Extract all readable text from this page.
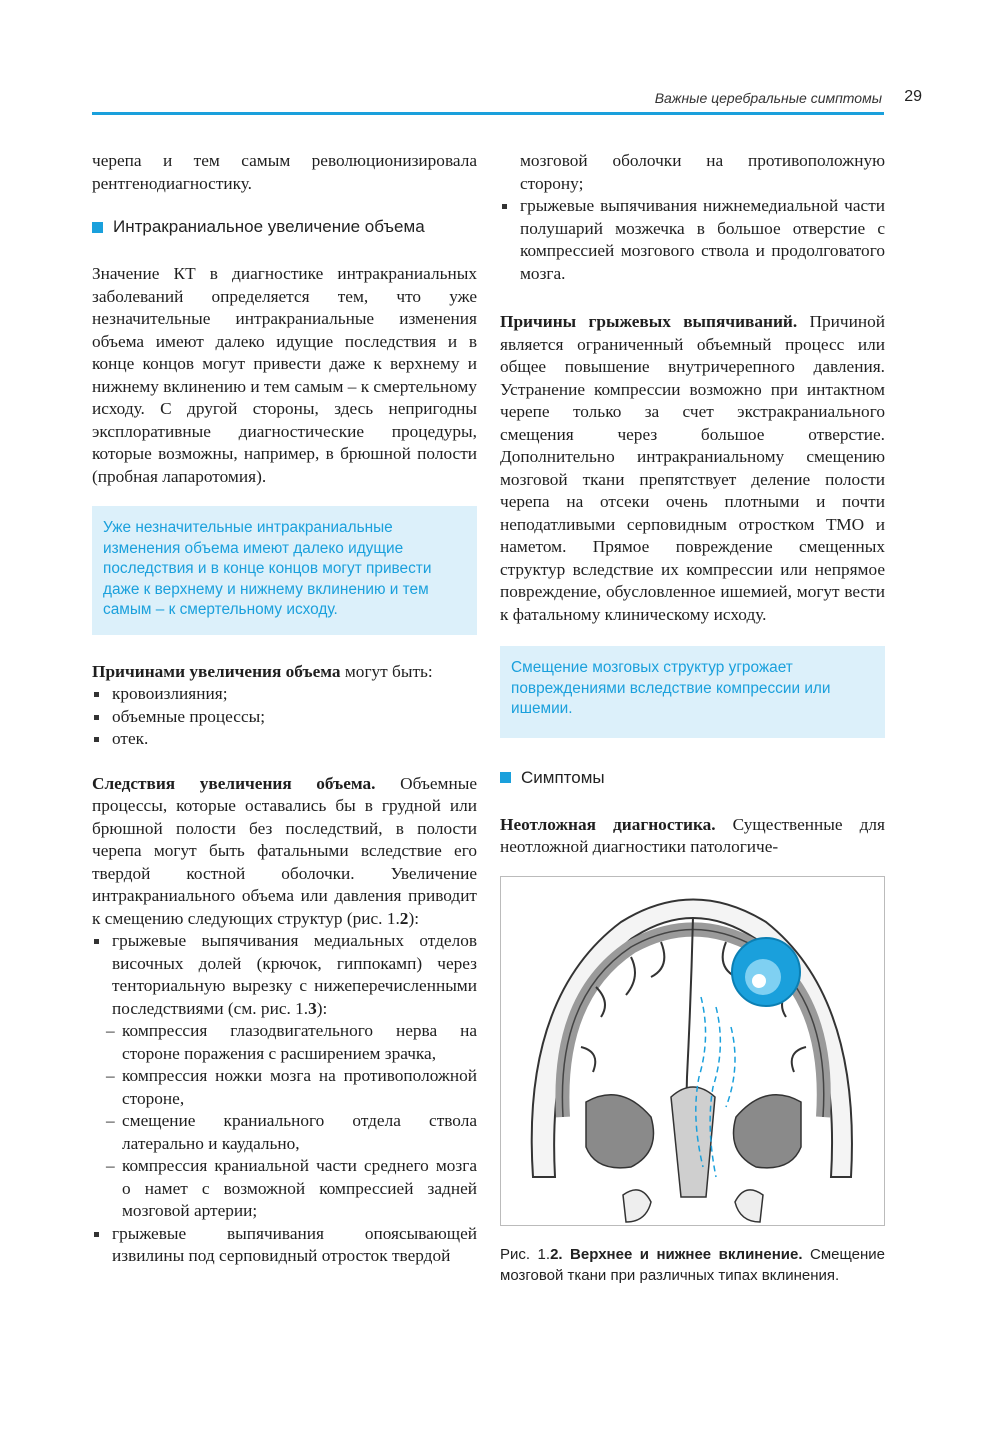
Важные церебральные симптомы 29

черепа и тем самым революционизировала рентгенодиагностику.

Интракраниальное увеличение объема

Значение КТ в диагностике интракраниальных заболеваний определяется тем, что уже незначительные интракраниальные изменения объема имеют далеко идущие последствия и в конце концов могут привести даже к верхнему и нижнему вклинению и тем самым – к смертельному исходу. С другой стороны, здесь непригодны эксплоративные диагностические процедуры, которые возможны, например, в брюшной полости (пробная лапаротомия).

Уже незначительные интракраниальные изменения объема имеют далеко идущие последствия и в конце концов могут привести даже к верхнему и нижнему вклинению и тем самым – к смертельному исходу.

Причинами увеличения объема могут быть:

кровоизлияния;
объемные процессы;
отек.

Следствия увеличения объема. Объемные процессы, которые оставались бы в грудной или брюшной полости без последствий, в полости черепа могут быть фатальными вследствие его твердой костной оболочки. Увеличение интракраниального объема или давления приводит к смещению следующих структур (рис. 1.2):

грыжевые выпячивания медиальных отделов височных долей (крючок, гиппокамп) через тенториальную вырезку с нижеперечисленными последствиями (см. рис. 1.3):
– компрессия глазодвигательного нерва на стороне поражения с расширением зрачка,
– компрессия ножки мозга на противоположной стороне,
– смещение краниального отдела ствола латерально и каудально,
– компрессия краниальной части среднего мозга о намет с возможной компрессией задней мозговой артерии;
грыжевые выпячивания опоясывающей извилины под серповидный отросток твердой

мозговой оболочки на противоположную сторону;

грыжевые выпячивания нижнемедиальной части полушарий мозжечка в большое отверстие с компрессией мозгового ствола и продолговатого мозга.

Причины грыжевых выпячиваний. Причиной является ограниченный объемный процесс или общее повышение внутричерепного давления. Устранение компрессии возможно при интактном черепе только за счет экстракраниального смещения через большое отверстие. Дополнительно интракраниальному смещению мозговой ткани препятствует деление полости черепа на отсеки очень плотными и почти неподатливыми серповидным отростком ТМО и наметом. Прямое повреждение смещенных структур вследствие их компрессии или непрямое повреждение, обусловленное ишемией, могут вести к фатальному клиническому исходу.

Смещение мозговых структур угрожает повреждениями вследствие компрессии или ишемии.
Симптомы

Неотложная диагностика. Существенные для неотложной диагностики патологиче-

Рис. 1.2. Верхнее и нижнее вклинение. Смещение мозговой ткани при различных типах вклинения.
